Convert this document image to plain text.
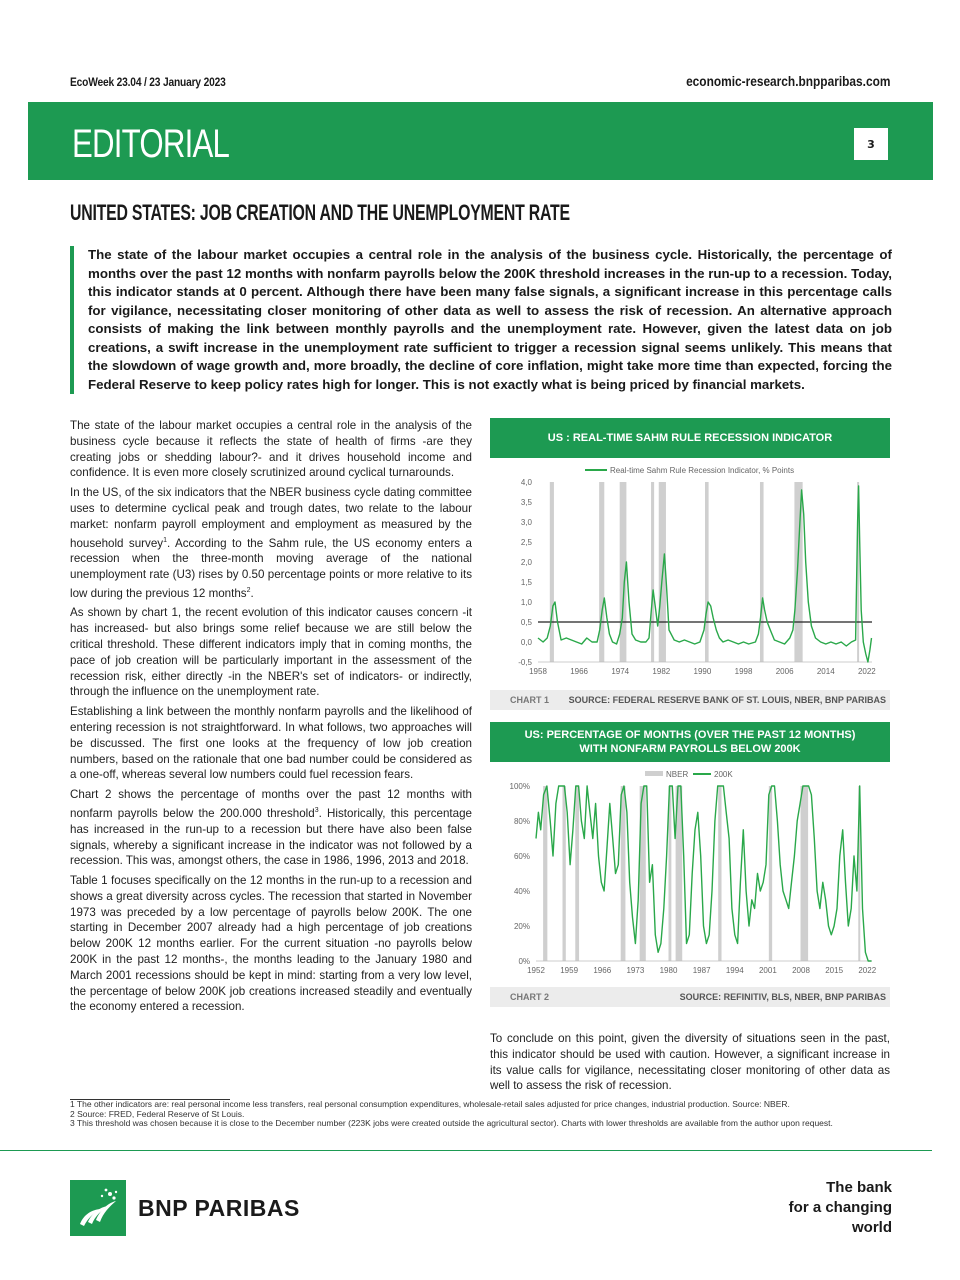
EcoWeek 23.04 / 23 January 2023	economic-research.bnpparibas.com
EDITORIAL	3
UNITED STATES: JOB CREATION AND THE UNEMPLOYMENT RATE
The state of the labour market occupies a central role in the analysis of the business cycle. Historically, the percentage of months over the past 12 months with nonfarm payrolls below the 200K threshold increases in the run-up to a recession. Today, this indicator stands at 0 percent. Although there have been many false signals, a significant increase in this percentage calls for vigilance, necessitating closer monitoring of other data as well to assess the risk of recession. An alternative approach consists of making the link between monthly payrolls and the unemployment rate. However, given the latest data on job creations, a swift increase in the unemployment rate sufficient to trigger a recession signal seems unlikely. This means that the slowdown of wage growth and, more broadly, the decline of core inflation, might take more time than expected, forcing the Federal Reserve to keep policy rates high for longer. This is not exactly what is being priced by financial markets.

The state of the labour market occupies a central role in the analysis of the business cycle because it reflects the state of health of firms -are they creating jobs or shedding labour?- and it drives household income and confidence. It is even more closely scrutinized around cyclical turnarounds.

In the US, of the six indicators that the NBER business cycle dating committee uses to determine cyclical peak and trough dates, two relate to the labour market: nonfarm payroll employment and employment as measured by the household survey$^1$. According to the Sahm rule, the US economy enters a recession when the three-month moving average of the national unemployment rate (U3) rises by 0.50 percentage points or more relative to its low during the previous 12 months$^2$.

As shown by chart 1, the recent evolution of this indicator causes concern -it has increased- but also brings some relief because we are still below the critical threshold. These different indicators imply that in coming months, the pace of job creation will be particularly important in the assessment of the recession risk, either directly -in the NBER's set of indicators- or indirectly, through the influence on the unemployment rate.

Establishing a link between the monthly nonfarm payrolls and the likelihood of entering recession is not straightforward. In what follows, two approaches will be discussed. The first one looks at the frequency of low job creation numbers, based on the rationale that one bad number could be considered as a one-off, whereas several low numbers could fuel recession fears.

Chart 2 shows the percentage of months over the past 12 months with nonfarm payrolls below the 200.000 threshold$^3$. Historically, this percentage has increased in the run-up to a recession but there have also been false signals, whereby a significant increase in the indicator was not followed by a recession. This was, amongst others, the case in 1986, 1996, 2013 and 2018.

Table 1 focuses specifically on the 12 months in the run-up to a recession and shows a great diversity across cycles. The recession that started in November 1973 was preceded by a low percentage of payrolls below 200K. The one starting in December 2007 already had a high percentage of job creations below 200K 12 months earlier. For the current situation -no payrolls below 200K in the past 12 months-, the months leading to the January 1980 and March 2001 recessions should be kept in mind: starting from a very low level, the percentage of below 200K job creations increased steadily and eventually the economy entered a recession.

US : REAL-TIME SAHM RULE RECESSION INDICATOR
4,0
3,5
3,0
2,5
2,0
1,5
1,0
0,5
0,0
-0,5
1958	1966	1974	1982	1990	1998	2006	2014	2022
Real-time Sahm Rule Recession Indicator, % Points
CHART 1 SOURCE: FEDERAL RESERVE BANK OF ST. LOUIS, NBER, BNP PARIBAS
US: PERCENTAGE OF MONTHS (OVER THE PAST 12 MONTHS)
WITH NONFARM PAYROLLS BELOW 200K
100%
80%
60%
40%
20%
0%
1952 1959 1966 1973 1980 1987 1994 2001 2008 2015 2022
NBER	200K
CHART 2	SOURCE: REFINITIV, BLS, NBER, BNP PARIBAS
To conclude on this point, given the diversity of situations seen in the past, this indicator should be used with caution. However, a significant increase in its value calls for vigilance, necessitating closer monitoring of other data as well to assess the risk of recession.
1 The other indicators are: real personal income less transfers, real personal consumption expenditures, wholesale-retail sales adjusted for price changes, industrial production. Source: NBER.
2 Source: FRED, Federal Reserve of St Louis.
3 This threshold was chosen because it is close to the December number (223K jobs were created outside the agricultural sector). Charts with lower thresholds are available from the author upon request.
BNP PARIBAS
The bank
for a changing
world
